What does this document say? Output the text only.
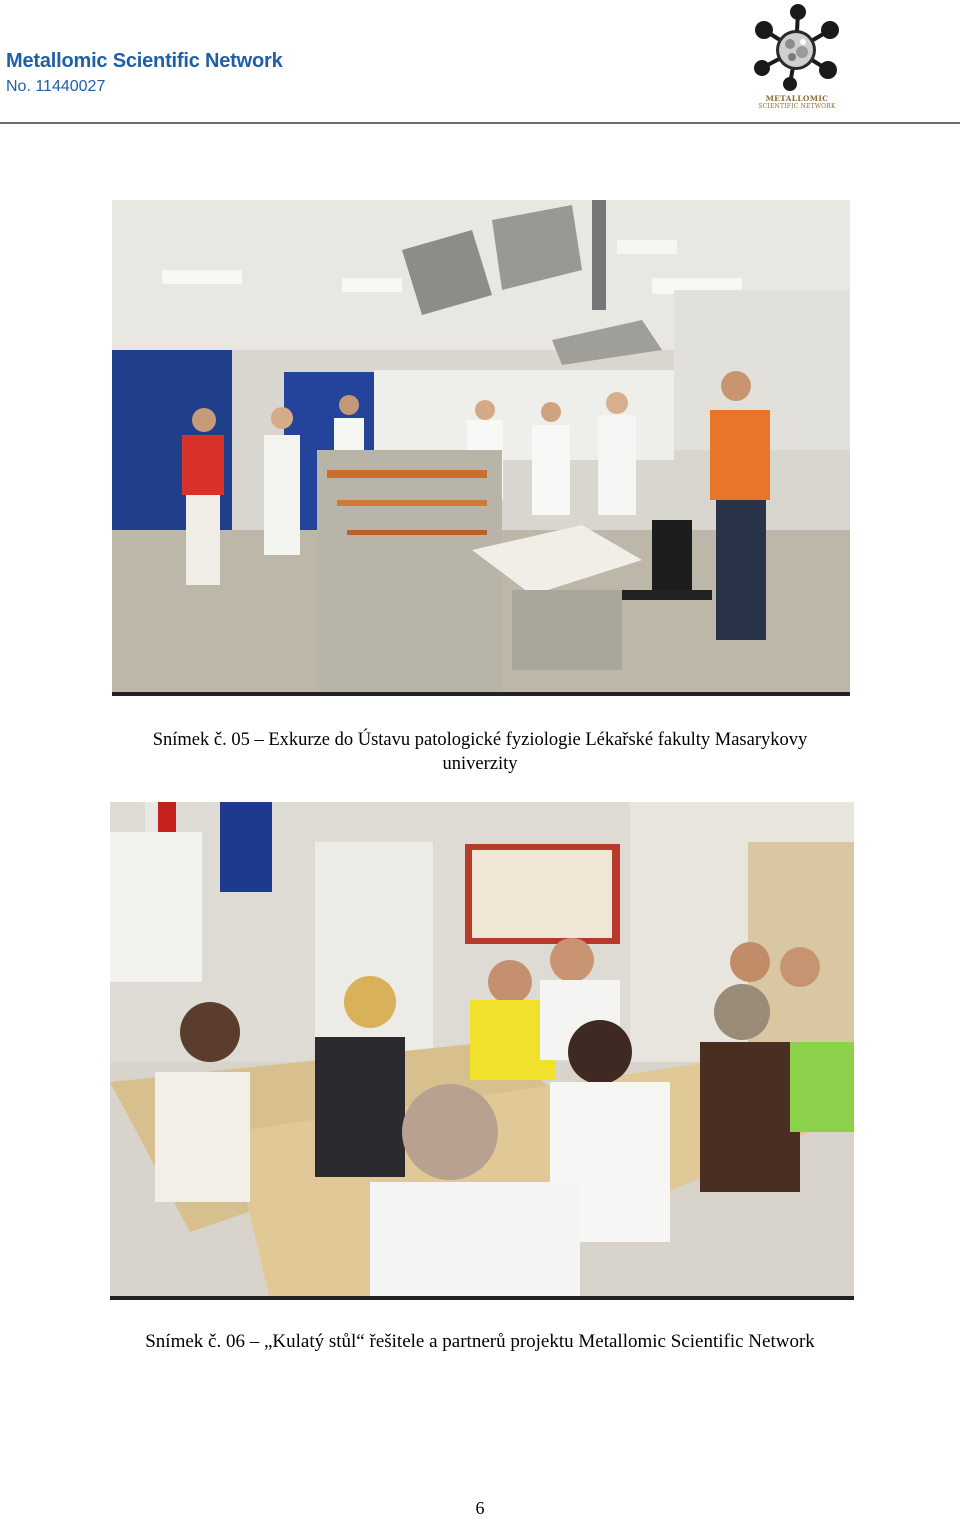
Metallomic Scientific Network
No. 11440027
METALLOMIC
SCIENTIFIC NETWORK
Snímek č. 05 – Exkurze do Ústavu patologické fyziologie Lékařské fakulty Masarykovy
univerzity
Snímek č. 06 – „Kulatý stůl“ řešitele a partnerů projektu Metallomic Scientific Network
6
